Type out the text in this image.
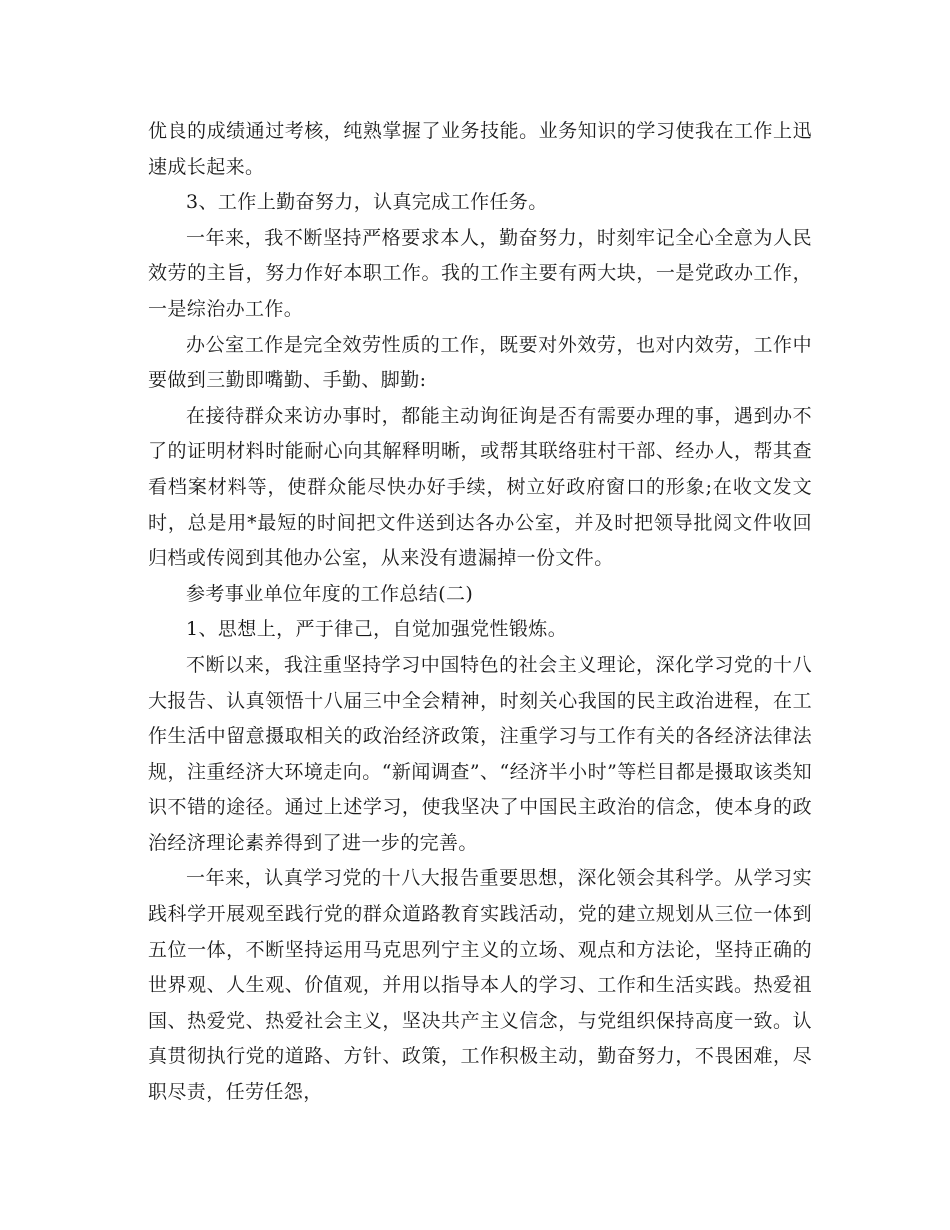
优良的成绩通过考核，纯熟掌握了业务技能。业务知识的学习使我在工作上迅速成长起来。

3、工作上勤奋努力，认真完成工作任务。

一年来，我不断坚持严格要求本人，勤奋努力，时刻牢记全心全意为人民效劳的主旨，努力作好本职工作。我的工作主要有两大块，一是党政办工作，一是综治办工作。

办公室工作是完全效劳性质的工作，既要对外效劳，也对内效劳，工作中要做到三勤即嘴勤、手勤、脚勤:

在接待群众来访办事时，都能主动询征询是否有需要办理的事，遇到办不了的证明材料时能耐心向其解释明晰，或帮其联络驻村干部、经办人，帮其查看档案材料等，使群众能尽快办好手续，树立好政府窗口的形象;在收文发文时，总是用*最短的时间把文件送到达各办公室，并及时把领导批阅文件收回归档或传阅到其他办公室，从来没有遗漏掉一份文件。

参考事业单位年度的工作总结(二)

1、思想上，严于律己，自觉加强党性锻炼。

不断以来，我注重坚持学习中国特色的社会主义理论，深化学习党的十八大报告、认真领悟十八届三中全会精神，时刻关心我国的民主政治进程，在工作生活中留意摄取相关的政治经济政策，注重学习与工作有关的各经济法律法规，注重经济大环境走向。“新闻调查”、“经济半小时”等栏目都是摄取该类知识不错的途径。通过上述学习，使我坚决了中国民主政治的信念，使本身的政治经济理论素养得到了进一步的完善。

一年来，认真学习党的十八大报告重要思想，深化领会其科学。从学习实践科学开展观至践行党的群众道路教育实践活动，党的建立规划从三位一体到五位一体，不断坚持运用马克思列宁主义的立场、观点和方法论，坚持正确的世界观、人生观、价值观，并用以指导本人的学习、工作和生活实践。热爱祖国、热爱党、热爱社会主义，坚决共产主义信念，与党组织保持高度一致。认真贯彻执行党的道路、方针、政策，工作积极主动，勤奋努力，不畏困难，尽职尽责，任劳任怨，
